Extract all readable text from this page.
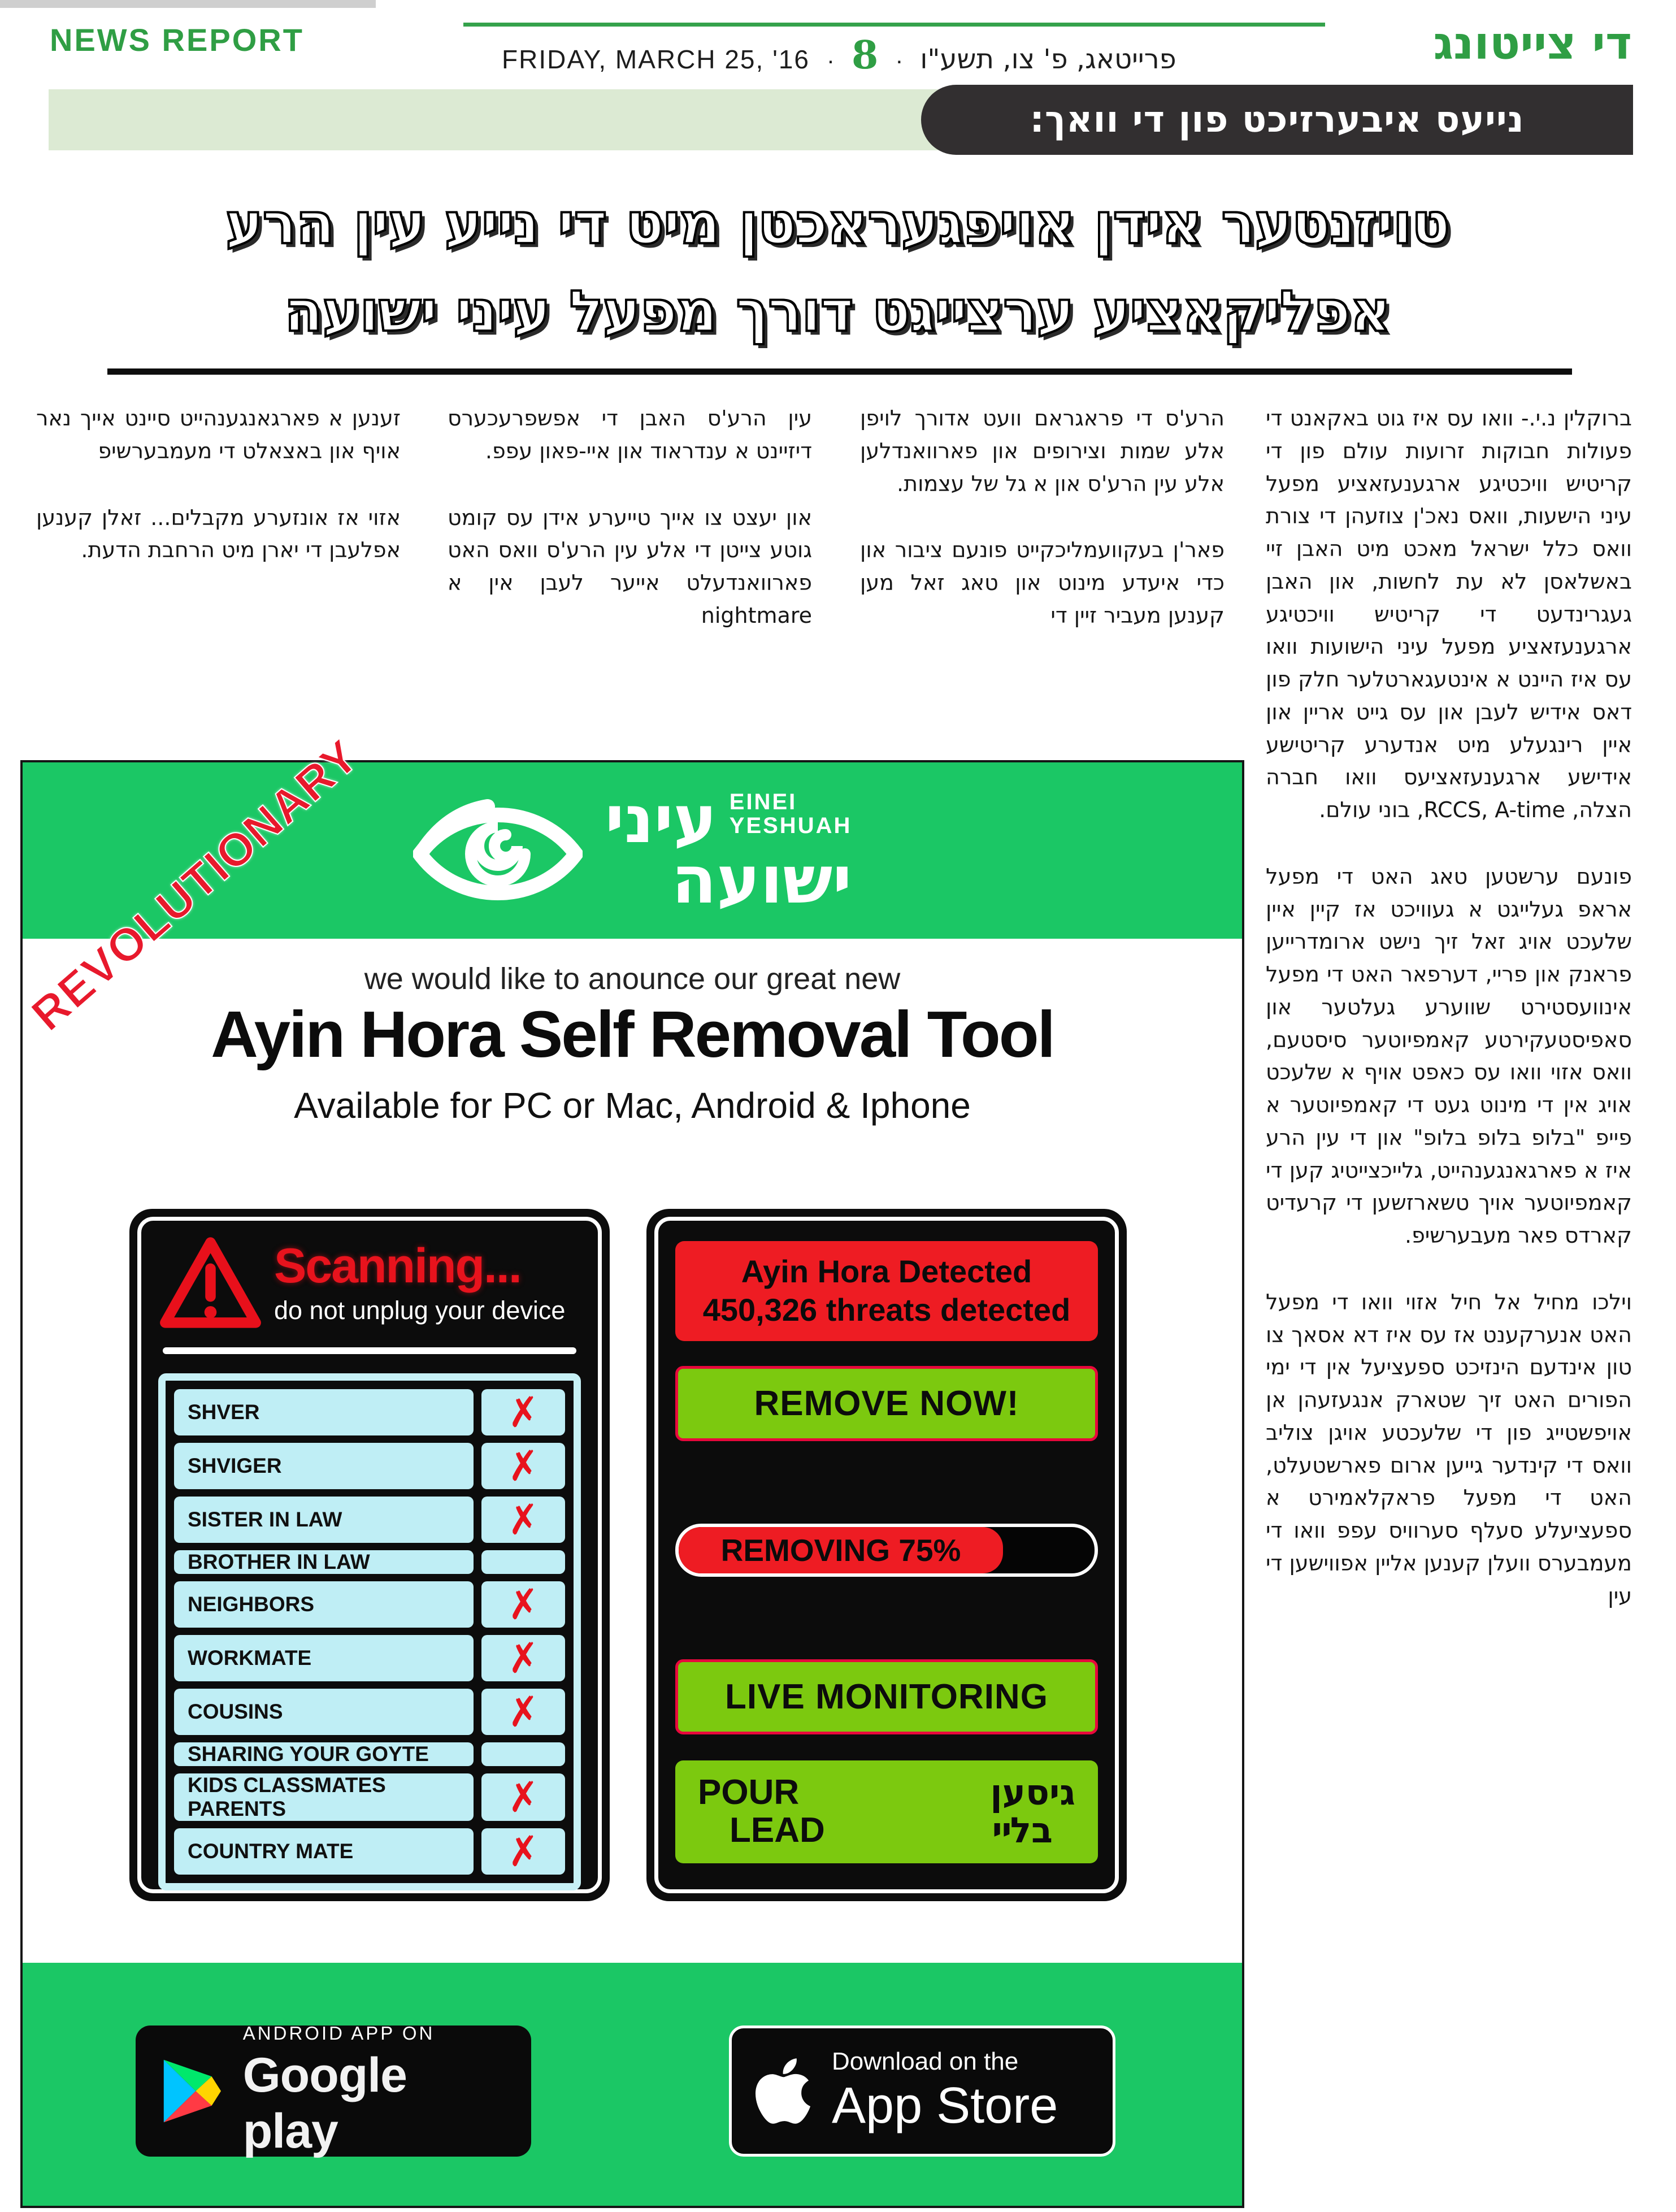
NEWS REPORT
FRIDAY, MARCH 25, '16 · 8 · פרייטאג, פ' צו, תשע"ו	די צייטונג
נייעס איבערזיכט פון די וואך:
טויזנטער אידן אויפגעראכטן מיט די נייע עין הרע
אפליקאציע ערצייגט דורך מפעל עיני ישועה

ברוקלין נ.י.- וואו עס איז גוט באקאנט די פעולות חבוקות זרועות עולם פון די קריטיש וויכטיגע ארגענעזאציע מפעל עיני הישעות, וואס נאכ'ן צוזעהן די צורת וואס כלל ישראל מאכט מיט האבן זיי באשלאסן לא עת לחשות, און האבן געגרינדעט די קריטיש וויכטיגע ארגענעזאציע מפעל עיני הישועות וואו עס איז היינט א אינטעגארטלער חלק פון דאס אידיש לעבן און עס גייט אריין און איין רינגעלע מיט אנדערע קריטישע אידישע ארגענעזאציעס וואו חברה הצלה, RCCS, A-time, בוני עולם.

פונעם ערשטען טאג האט די מפעל אראפ געלייגט א געוויכט אז קיין איין שלעכט אויג זאל זיך נישט ארומדרייען פראנק און פריי, דערפאר האט די מפעל אינוועסטירט שווערע געלטער און סאפיסטעקירטע קאמפיוטער סיסטעם, וואס אזוי וואו עס כאפט אויף א שלעכט אויג אין די מינוט געט די קאמפיוטער א פייפ "בלופ בלופ בלופ" און די עין הרע איז א פארגאנגענהייט, גלייכצייטיג קען די קאמפיוטער אויך טשארזשען די קרעדיט קארדס פאר מעבערשיפ.

וילכו מחיל אל חיל אזוי וואו די מפעל האט אנערקענט אז עס איז דא אסאך צו טון אינדעם הינזיכט ספעציעל אין די ימי הפורים האט זיך שטארק אנגעזעהן אן אויפשטייג פון די שלעכטע אויגן צוליב וואס די קינדער גייען ארום פארשטעלט, האט די מפעל פראקלאמירט א ספעציעלע סעלף סערוויס עפפ וואו די מעמבערס וועלן קענען אליין אפווישען די עין

הרע'ס די פראגראם וועט אדורך לויפן אלע שמות וצירופים און פארוואנדלען אלע עין הרע'ס און א גל של עצמות.

פאר'ן בעקוועמליכקייט פונעם ציבור און כדי איעדע מינוט און טאג זאל מען קענען מעביר זיין די

עין הרע'ס האבן די אפשפרעכערס דיזיינט א ענדראוד און איי-פאון עפפ.

און יעצט צו אייך טייערע אידן עס קומט גוטע צייטן די אלע עין הרע'ס וואס האט פארוואנדעלט אייער לעבן אין א nightmare

זענען א פארגאנגענהייט סיינט אייך נאר אויף און באצאלט די מעמבערשיפ

אזוי אז אונזערע מקבלים... זאלן קענען אפלעבן די יארן מיט הרחבת הדעת.

עיני EINEI
YESHUAH
ישועה
REVOLUTIONARY
we would like to anounce our great new
Ayin Hora Self Removal Tool
Available for PC or Mac, Android & Iphone
Scanning...
do not unplug your device
SHVER	✗
SHVIGER	✗
SISTER IN LAW	✗
BROTHER IN LAW
NEIGHBORS	✗
WORKMATE	✗
COUSINS	✗
SHARING YOUR GOYTE
KIDS CLASSMATES PARENTS	✗
COUNTRY MATE	✗
Ayin Hora Detected
450,326 threats detected
REMOVE NOW!
REMOVING 75%
LIVE MONITORING
POUR
LEAD
גיסען
בלײ
ANDROID APP ON
Google play
Download on the
App Store
